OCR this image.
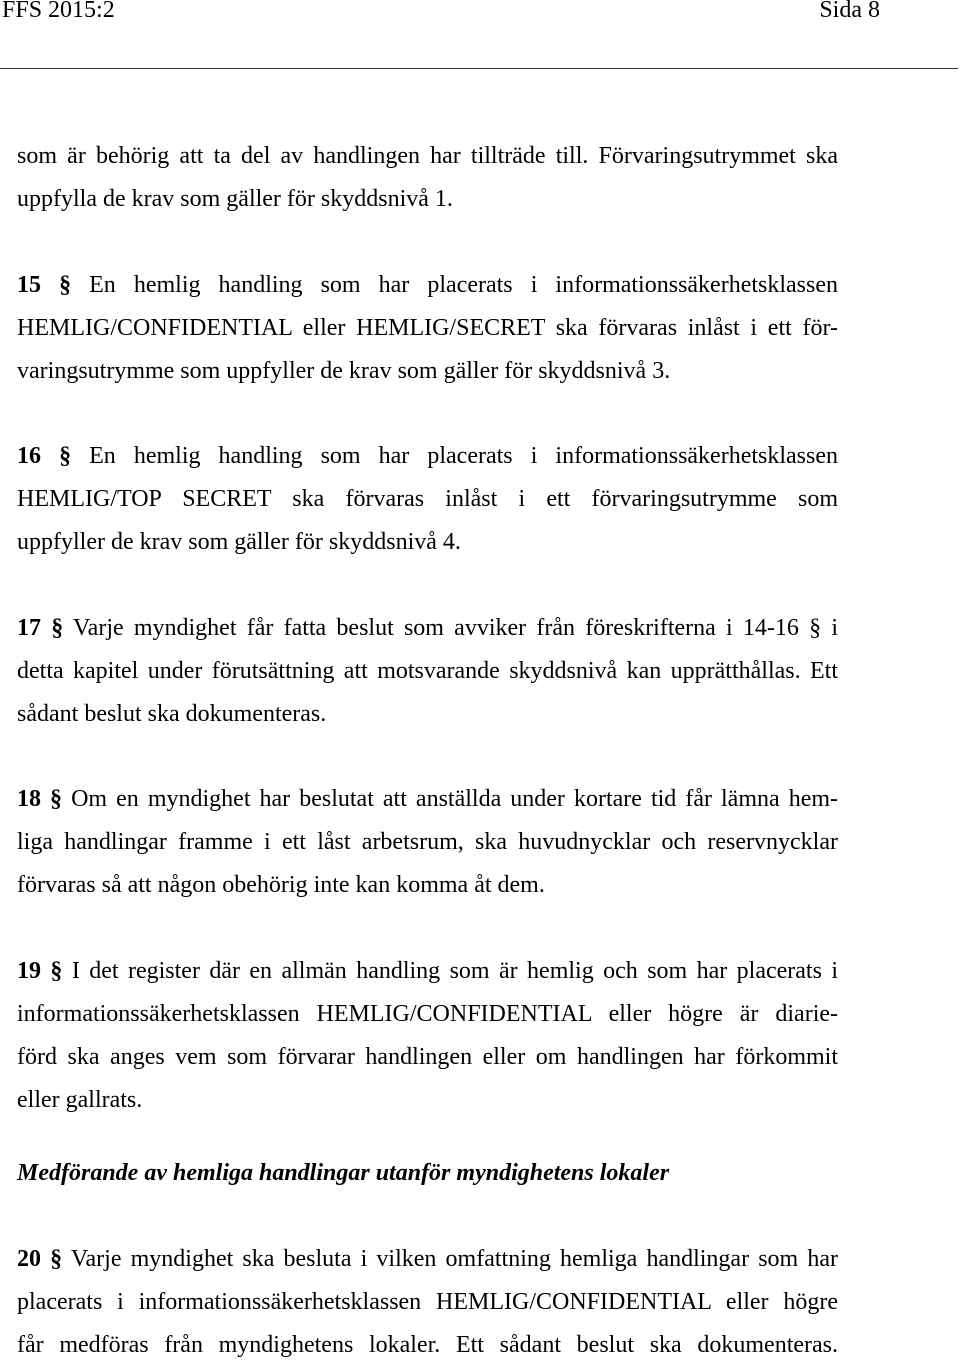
FFS 2015:2	Sida 8
som är behörig att ta del av handlingen har tillträde till. Förvaringsutrymmet ska
uppfylla de krav som gäller för skyddsnivå 1.
15 § En hemlig handling som har placerats i informationssäkerhetsklassen
HEMLIG/CONFIDENTIAL eller HEMLIG/SECRET ska förvaras inlåst i ett för-
varingsutrymme som uppfyller de krav som gäller för skyddsnivå 3.
16 § En hemlig handling som har placerats i informationssäkerhetsklassen
HEMLIG/TOP SECRET ska förvaras inlåst i ett förvaringsutrymme som
uppfyller de krav som gäller för skyddsnivå 4.
17 § Varje myndighet får fatta beslut som avviker från föreskrifterna i 14-16 § i
detta kapitel under förutsättning att motsvarande skyddsnivå kan upprätthållas. Ett
sådant beslut ska dokumenteras.
18 § Om en myndighet har beslutat att anställda under kortare tid får lämna hem-
liga handlingar framme i ett låst arbetsrum, ska huvudnycklar och reservnycklar
förvaras så att någon obehörig inte kan komma åt dem.
19 § I det register där en allmän handling som är hemlig och som har placerats i
informationssäkerhetsklassen HEMLIG/CONFIDENTIAL eller högre är diarie-
förd ska anges vem som förvarar handlingen eller om handlingen har förkommit
eller gallrats.
Medförande av hemliga handlingar utanför myndighetens lokaler
20 § Varje myndighet ska besluta i vilken omfattning hemliga handlingar som har
placerats i informationssäkerhetsklassen HEMLIG/CONFIDENTIAL eller högre
får medföras från myndighetens lokaler. Ett sådant beslut ska dokumenteras.
